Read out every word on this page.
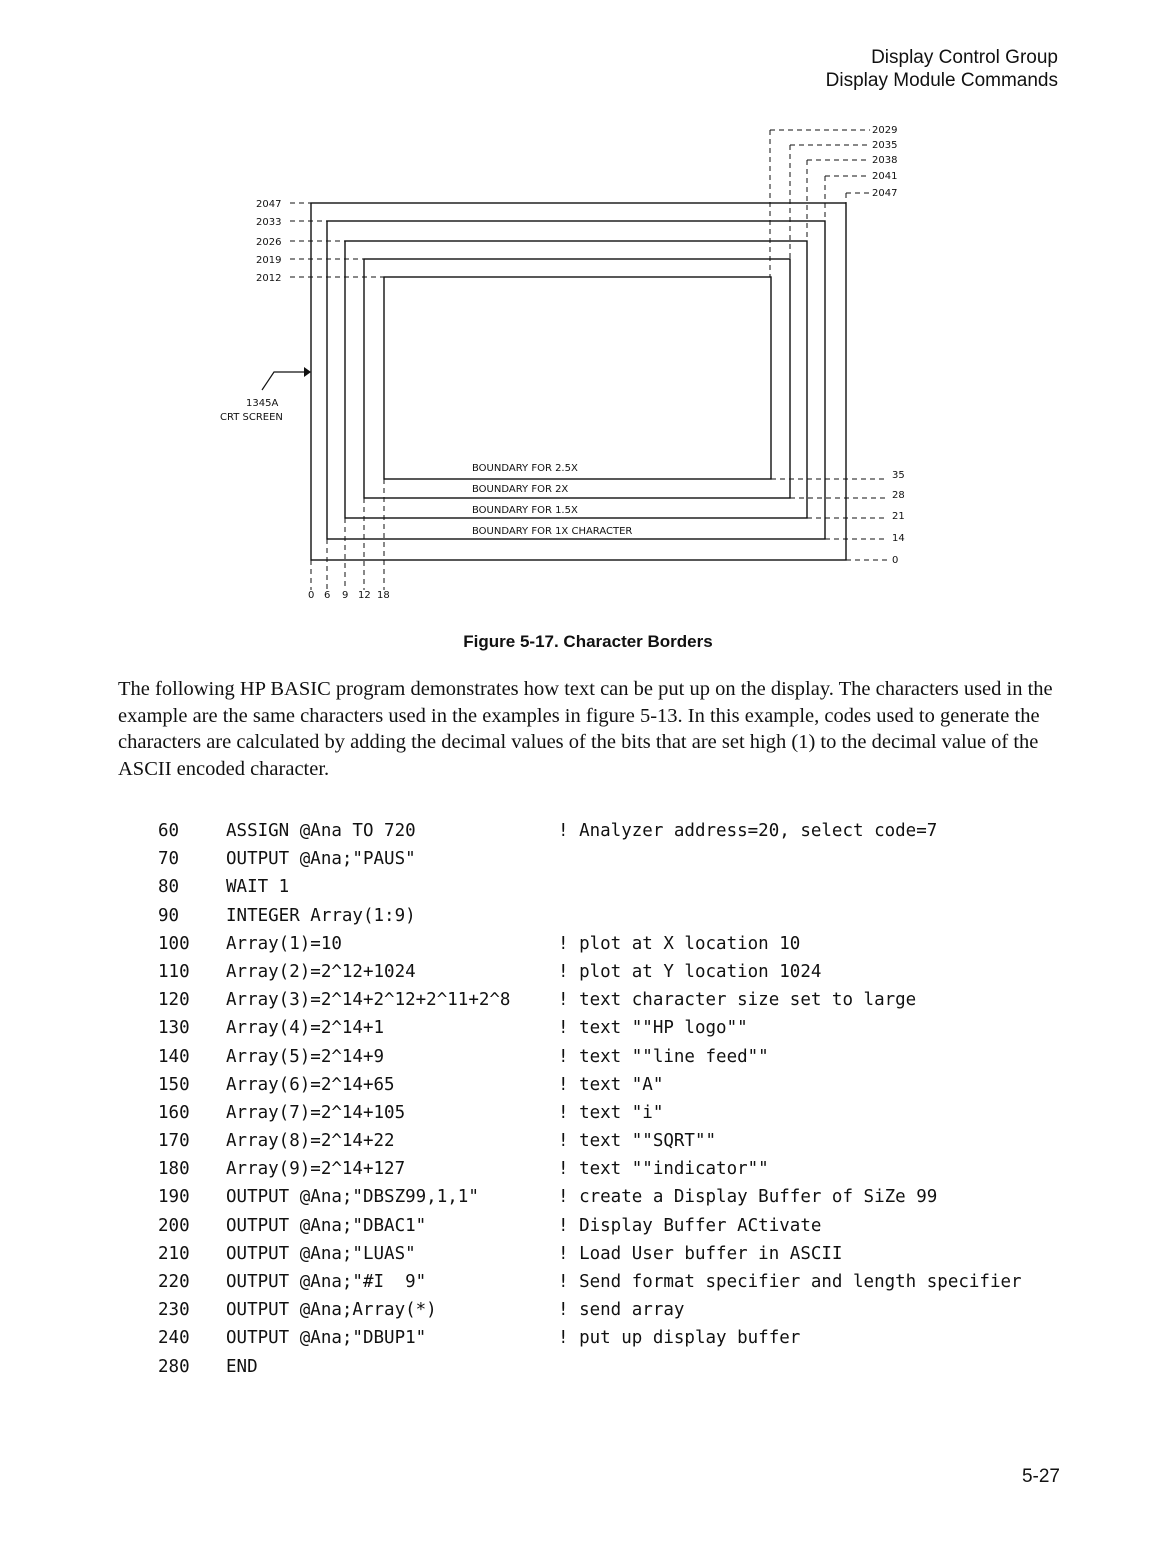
Display Control Group
Display Module Commands
2029
2035
2038
2041
2047
2047
2033
2026
2019
2012
35
28
21
14
0
0 6 9 12 18
1345A
CRT SCREEN
BOUNDARY FOR 2.5X
BOUNDARY FOR 2X
BOUNDARY FOR 1.5X
BOUNDARY FOR 1X CHARACTER
Figure 5-17. Character Borders

The following HP BASIC program demonstrates how text can be put up on the display. The characters used in the example are the same characters used in the examples in figure 5-13. In this example, codes used to generate the characters are calculated by adding the decimal values of the bits that are set high (1) to the decimal value of the ASCII encoded character.

60	ASSIGN @Ana TO 720	! Analyzer address=20, select code=7
70	OUTPUT @Ana;"PAUS"
80	WAIT 1
90	INTEGER Array(1:9)
100 Array(1)=10	! plot at X location 10
110 Array(2)=2^12+1024	! plot at Y location 1024
120 Array(3)=2^14+2^12+2^11+2^8	! text character size set to large
130 Array(4)=2^14+1	! text ""HP logo""
140 Array(5)=2^14+9	! text ""line feed""
150 Array(6)=2^14+65	! text "A"
160 Array(7)=2^14+105	! text "i"
170 Array(8)=2^14+22	! text ""SQRT""
180 Array(9)=2^14+127	! text ""indicator""
190 OUTPUT @Ana;"DBSZ99,1,1"	! create a Display Buffer of SiZe 99
200 OUTPUT @Ana;"DBAC1"	! Display Buffer ACtivate
210 OUTPUT @Ana;"LUAS"	! Load User buffer in ASCII
220 OUTPUT @Ana;"#I  9"	! Send format specifier and length specifier
230 OUTPUT @Ana;Array(*)	! send array
240 OUTPUT @Ana;"DBUP1"	! put up display buffer
280 END
5-27
